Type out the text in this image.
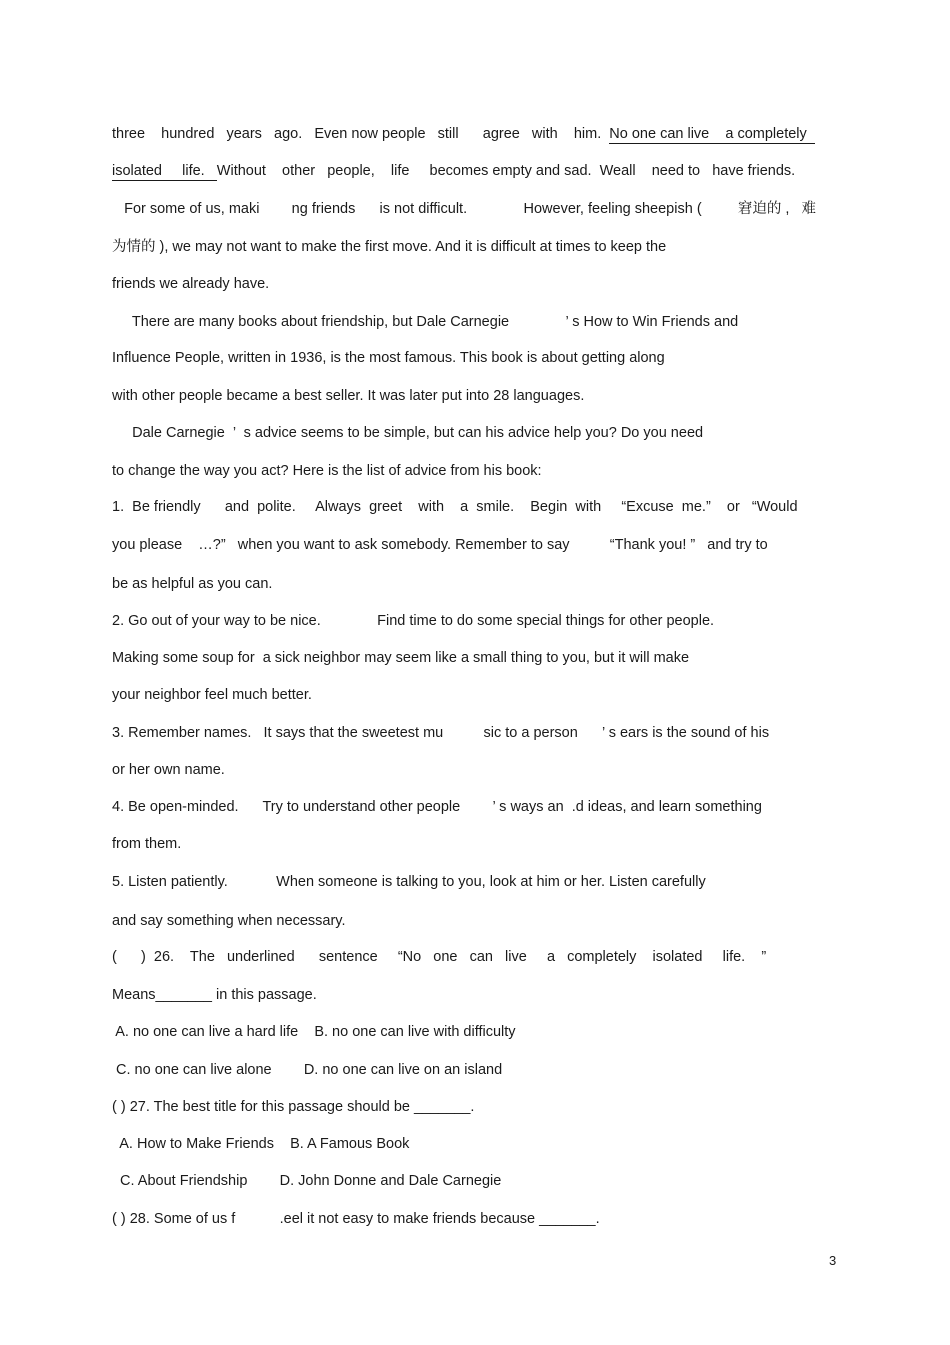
three    hundred   years   ago.   Even now people   still      agree   with    him.  No one can live    a completely
isolated     life.   Without    other   people,    life     becomes empty and sad.  Weall    need to   have friends.
For some of us, maki        ng friends      is not difficult.              However, feeling sheepish (         窘迫的 ,   难
为情的 ), we may not want to make the first move. And it is difficult at times to keep the
friends we already have.
There are many books about friendship, but Dale Carnegie              ’ s How to Win Friends and
Influence People, written in 1936, is the most famous. This book is about getting along
with other people became a best seller. It was later put into 28 languages.
Dale Carnegie  ’  s advice seems to be simple, but can his advice help you? Do you need
to change the way you act? Here is the list of advice from his book:
1.  Be friendly      and  polite.     Always  greet    with    a  smile.    Begin  with     “Excuse  me.”    or   “Would
you please    …?”   when you want to ask somebody. Remember to say          “Thank you! ”   and try to
be as helpful as you can.
2. Go out of your way to be nice.              Find time to do some special things for other people.
Making some soup for  a sick neighbor may seem like a small thing to you, but it will make
your neighbor feel much better.
3. Remember names.   It says that the sweetest mu          sic to a person      ’ s ears is the sound of his
or her own name.
4. Be open-minded.      Try to understand other people        ’ s ways an  .d ideas, and learn something
from them.
5. Listen patiently.            When someone is talking to you, look at him or her. Listen carefully
and say something when necessary.
(      )  26.    The   underlined      sentence     “No   one   can   live     a   completely    isolated     life.    ”
Means_______ in this passage.
A. no one can live a hard life    B. no one can live with difficulty
C. no one can live alone        D. no one can live on an island
( ) 27. The best title for this passage should be _______.
A. How to Make Friends    B. A Famous Book
C. About Friendship        D. John Donne and Dale Carnegie
( ) 28. Some of us f           .eel it not easy to make friends because _______.
3
